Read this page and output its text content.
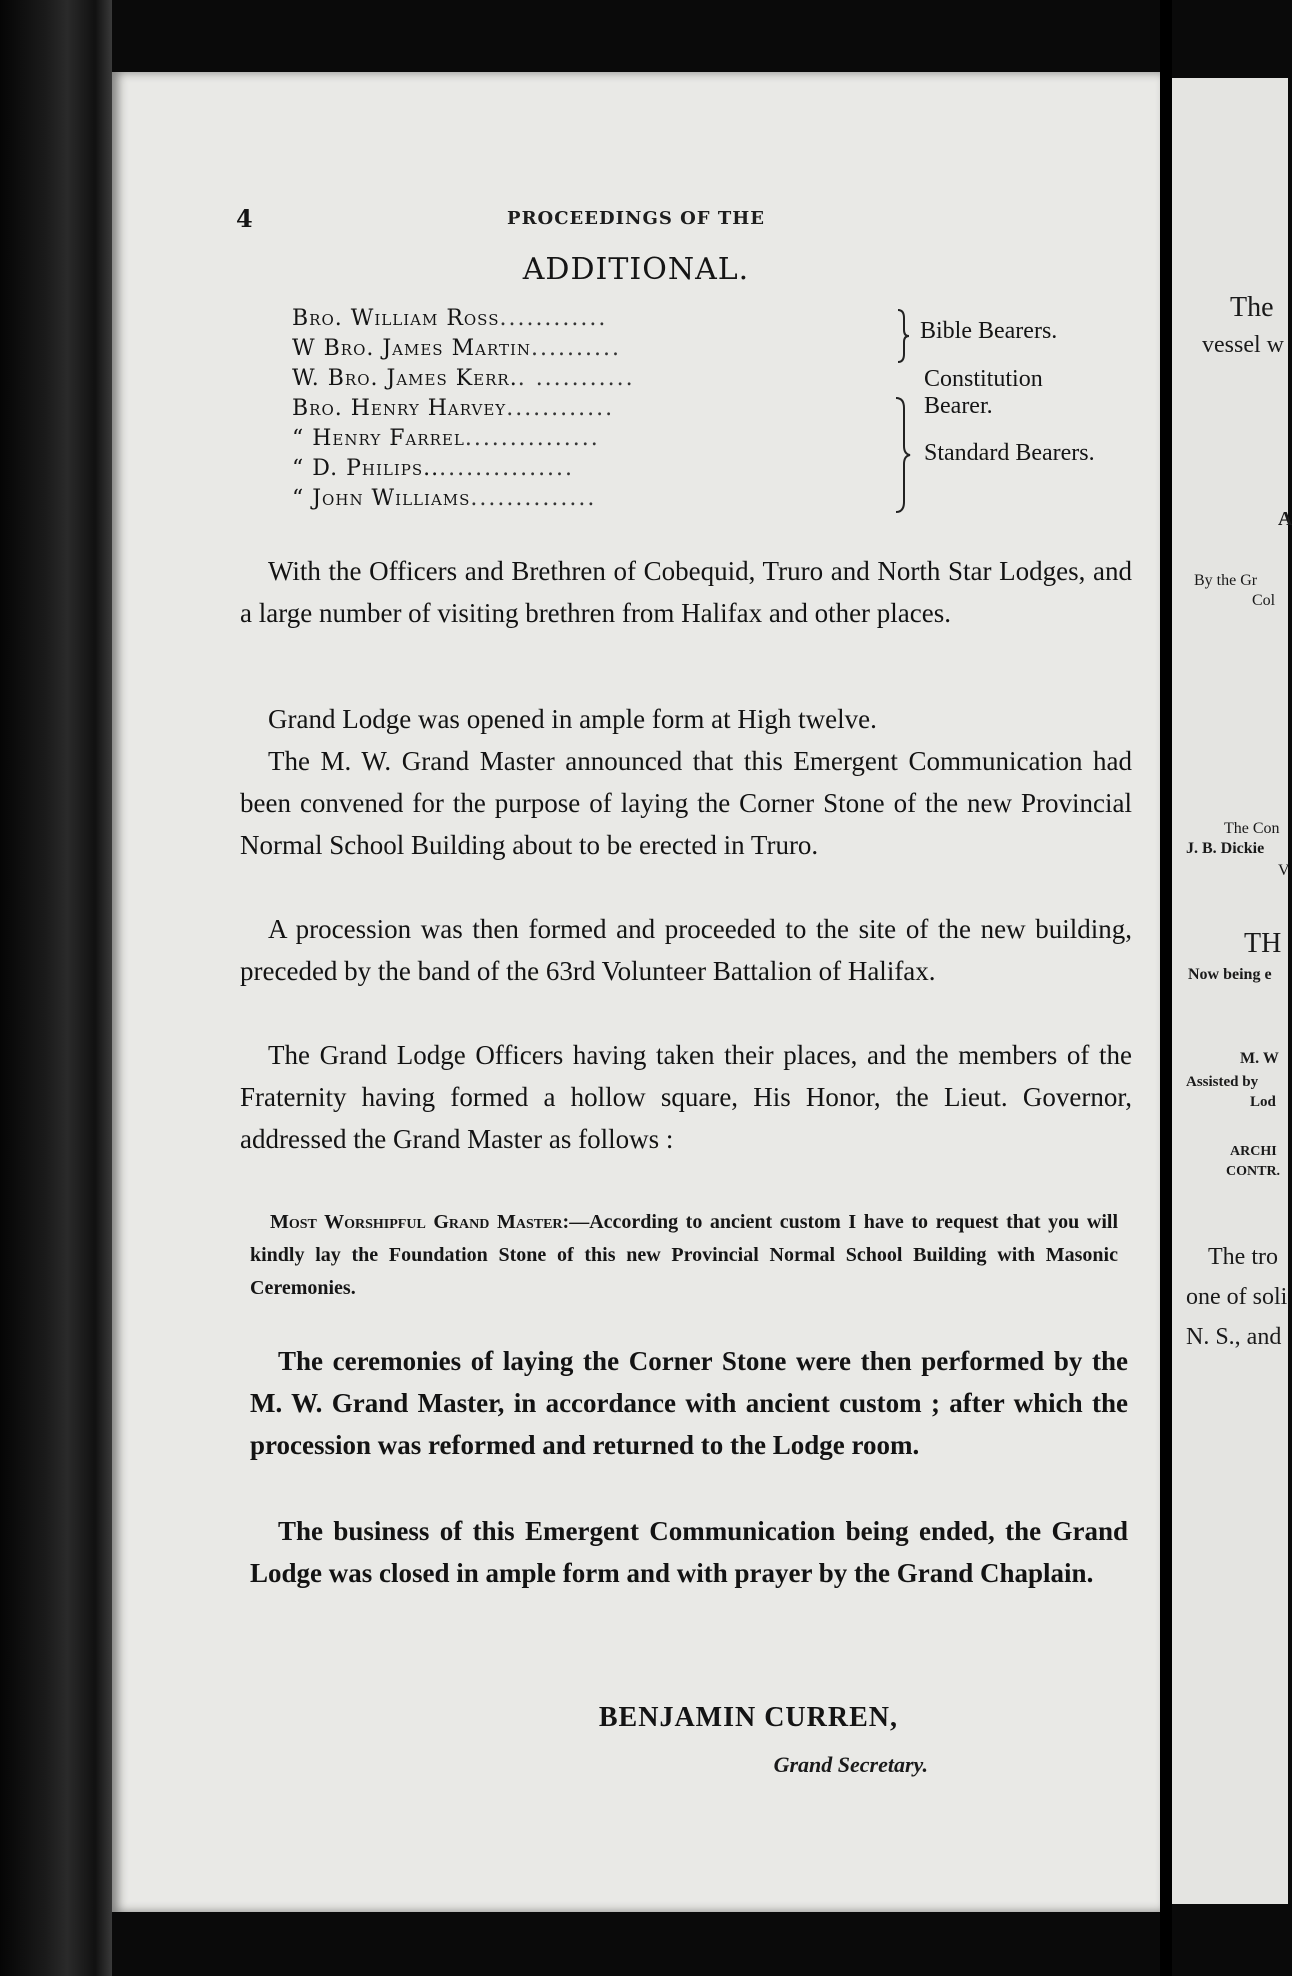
4	PROCEEDINGS OF THE
ADDITIONAL.
Bro. William Ross............
W Bro. James Martin..........
W. Bro. James Kerr.. ...........
Bro. Henry Harvey............
“ Henry Farrel...............
“ D. Philips.................
“ John Williams..............
Bible Bearers.
Constitution Bearer.
Standard Bearers.
With the Officers and Brethren of Cobequid, Truro and North Star Lodges, and a large number of visiting brethren from Halifax and other places.
Grand Lodge was opened in ample form at High twelve.
The M. W. Grand Master announced that this Emergent Communication had been convened for the purpose of laying the Corner Stone of the new Provincial Normal School Building about to be erected in Truro.
A procession was then formed and proceeded to the site of the new building, preceded by the band of the 63rd Volunteer Battalion of Halifax.
The Grand Lodge Officers having taken their places, and the members of the Fraternity having formed a hollow square, His Honor, the Lieut. Governor, addressed the Grand Master as follows :
Most Worshipful Grand Master:—According to ancient custom I have to request that you will kindly lay the Foundation Stone of this new Provincial Normal School Building with Masonic Ceremonies.
The ceremonies of laying the Corner Stone were then performed by the M. W. Grand Master, in accordance with ancient custom ; after which the procession was reformed and returned to the Lodge room.
The business of this Emergent Communication being ended, the Grand Lodge was closed in ample form and with prayer by the Grand Chaplain.
BENJAMIN CURREN,
Grand Secretary.
The
vessel w
A
By the Gr
Col
The Con
J. B. Dickie
V
TH
Now being e
M. W
Assisted by
Lod
ARCHI
CONTR.
The tro
one of soli
N. S., and
